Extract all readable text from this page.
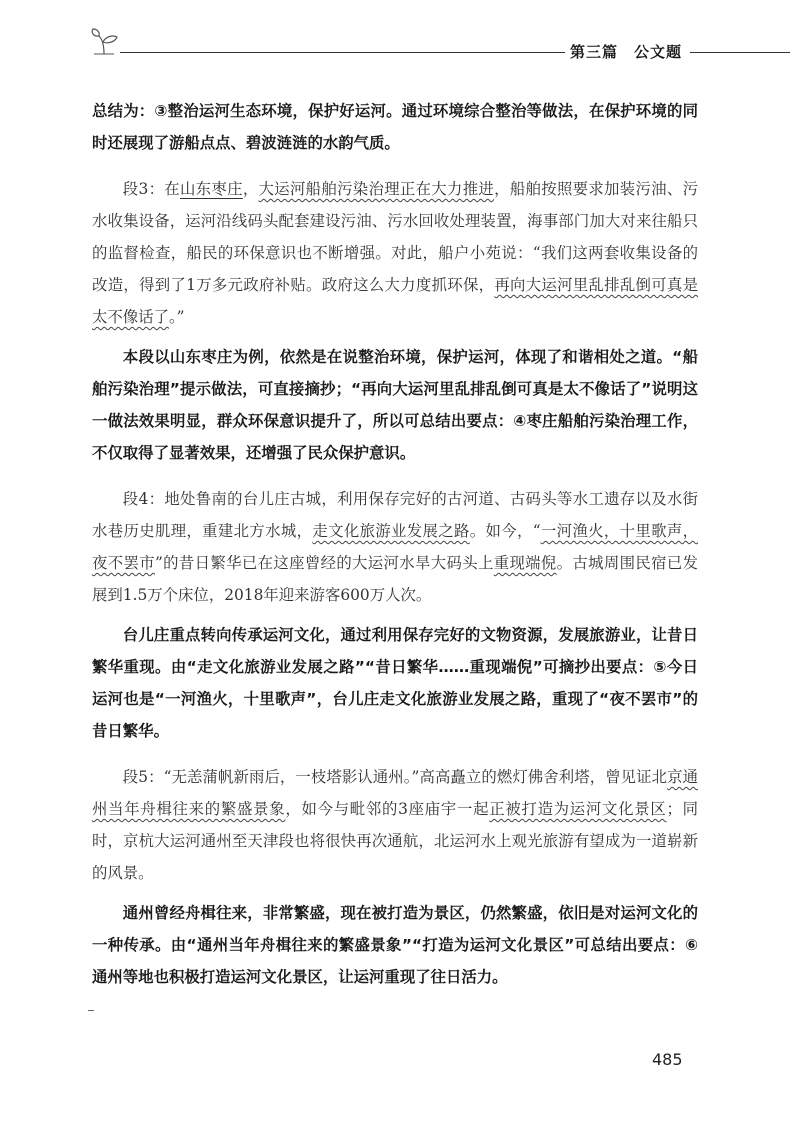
第三篇 公文题

总结为：③整治运河生态环境，保护好运河。通过环境综合整治等做法，在保护环境的同时还展现了游船点点、碧波涟涟的水韵气质。

段3：在山东枣庄，大运河船舶污染治理正在大力推进，船舶按照要求加装污油、污水收集设备，运河沿线码头配套建设污油、污水回收处理装置，海事部门加大对来往船只的监督检查，船民的环保意识也不断增强。对此，船户小苑说：“我们这两套收集设备的改造，得到了1万多元政府补贴。政府这么大力度抓环保，再向大运河里乱排乱倒可真是太不像话了。”

本段以山东枣庄为例，依然是在说整治环境，保护运河，体现了和谐相处之道。“船舶污染治理”提示做法，可直接摘抄；“再向大运河里乱排乱倒可真是太不像话了”说明这一做法效果明显，群众环保意识提升了，所以可总结出要点：④枣庄船舶污染治理工作，不仅取得了显著效果，还增强了民众保护意识。

段4：地处鲁南的台儿庄古城，利用保存完好的古河道、古码头等水工遗存以及水街水巷历史肌理，重建北方水城，走文化旅游业发展之路。如今，“一河渔火，十里歌声，夜不罢市”的昔日繁华已在这座曾经的大运河水旱大码头上重现端倪。古城周围民宿已发展到1.5万个床位，2018年迎来游客600万人次。

台儿庄重点转向传承运河文化，通过利用保存完好的文物资源，发展旅游业，让昔日繁华重现。由“走文化旅游业发展之路”“昔日繁华……重现端倪”可摘抄出要点：⑤今日运河也是“一河渔火，十里歌声”，台儿庄走文化旅游业发展之路，重现了“夜不罢市”的昔日繁华。

段5：“无恙蒲帆新雨后，一枝塔影认通州。”高高矗立的燃灯佛舍利塔，曾见证北京通州当年舟楫往来的繁盛景象，如今与毗邻的3座庙宇一起正被打造为运河文化景区；同时，京杭大运河通州至天津段也将很快再次通航，北运河水上观光旅游有望成为一道崭新的风景。

通州曾经舟楫往来，非常繁盛，现在被打造为景区，仍然繁盛，依旧是对运河文化的一种传承。由“通州当年舟楫往来的繁盛景象”“打造为运河文化景区”可总结出要点：⑥通州等地也积极打造运河文化景区，让运河重现了往日活力。

485
